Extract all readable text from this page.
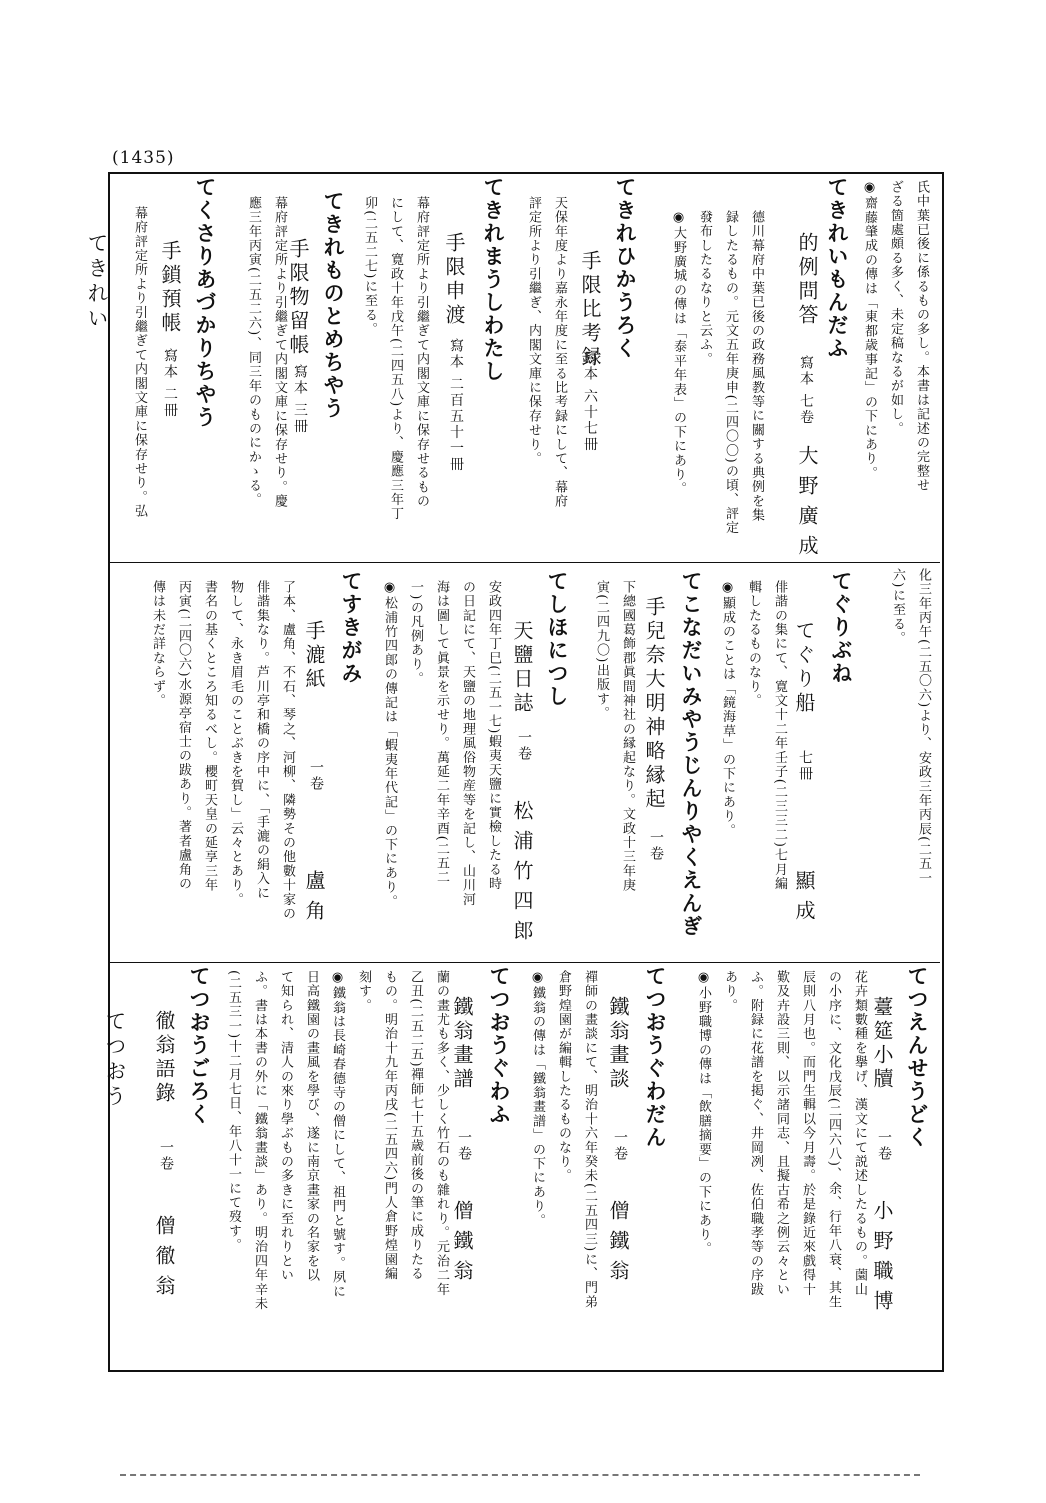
(1435)
てきれい
てつおう
氏中葉已後に係るもの多し。本書は記述の完整せ
ざる箇處頗る多く、未定稿なるが如し。
◉齋藤肇成の傳は「東都歳事記」の下にあり。
てきれいもんだふ
的例問答
寫本 七卷
大野廣成
德川幕府中葉已後の政務風教等に關する典例を集
録したるもの。元文五年庚申(二四〇〇)の頃、評定
發布したるなりと云ふ。
◉大野廣城の傳は「泰平年表」の下にあり。
てきれひかうろく
手限比考録
寫本 六十七冊
天保年度より嘉永年度に至る比考録にして、幕府
評定所より引繼ぎ、内閣文庫に保存せり。
てきれまうしわたし
手限申渡
寫本 二百五十一冊
幕府評定所より引繼ぎて内閣文庫に保存せるもの
にして、寛政十年戊午(二四五八)より、慶應三年丁
卯(二五二七)に至る。
てきれものとめちやう
手限物留帳
寫本 三冊
幕府評定所より引繼ぎて内閣文庫に保存せり。慶
應三年丙寅(二五二六)、同三年のものにかゝる。
てくさりあづかりちやう
手鎖預帳
寫本 二冊
幕府評定所より引繼ぎて内閣文庫に保存せり。弘
化三年丙午(二五〇六)より、安政三年丙辰(二五一
六)に至る。
てぐりぶね
てぐり船
七冊
顯成
俳諧の集にて、寛文十二年壬子(二三三二)七月編
輯したるものなり。
◉顯成のことは「鏡海草」の下にあり。
てこなだいみやうじんりやくえんぎ
手兒奈大明神略縁起
一卷
下總國葛飾郡眞間神社の縁起なり。文政十三年庚
寅(二四九〇)出版す。
てしほにつし
天鹽日誌
一卷
松浦竹四郎
安政四年丁巳(二五一七)蝦夷天鹽に實檢したる時
の日記にて、天鹽の地理風俗物産等を記し、山川河
海は圖して眞景を示せり。萬延二年辛酉(二五二
一)の凡例あり。
◉松浦竹四郎の傳記は「蝦夷年代記」の下にあり。
てすきがみ
手漉紙
一卷
盧角
了本、盧角、不石、琴之、河柳、隣勢その他數十家の
俳諧集なり。芦川亭和橋の序中に、「手漉の絹入に
物して、永き眉毛のことぶきを賀し」云々とあり。
書名の基くところ知るべし。櫻町天皇の延享三年
丙寅(二四〇六)水源亭宿士の跋あり。著者盧角の
傳は未だ詳ならず。
てつえんせうどく
薹筵小牘
一卷
小野職博
花卉類數種を擧げ、漢文にて説述したるもの。薗山
の小序に、文化戊辰(二四六八)、余、行年八衰、其生
辰則八月也。而門生輯以今月壽。於是錄近來戲得十
歎及卉設三則、以示諸同志、且擬古希之例云々とい
ふ。附録に花譜を掲ぐ、井岡冽、佐伯職孝等の序跋
あり。
◉小野職博の傳は「飲膳摘要」の下にあり。
てつおうぐわだん
鐵翁畫談
一卷
僧鐵翁
禪師の畫談にて、明治十六年癸未(二五四三)に、門弟
倉野煌園が編輯したるものなり。
◉鐵翁の傳は「鐵翁畫譜」の下にあり。
てつおうぐわふ
鐵翁畫譜
一卷
僧鐵翁
蘭の畫尤も多く、少しく竹石のも雜れり。元治二年
乙丑(二五二五)禪師七十五歳前後の筆に成りたる
もの。明治十九年丙戌(二五四六)門人倉野煌園編
刻す。
◉鐵翁は長崎春德寺の僧にして、祖門と號す。夙に
日高鐵園の畫風を學び、遂に南京畫家の名家を以
て知られ、清人の來り學ぶもの多きに至れりとい
ふ。書は本書の外に「鐵翁畫談」あり。明治四年辛未
(二五三一)十二月七日、年八十一にて歿す。
てつおうごろく
徹翁語錄
一卷
僧徹翁
